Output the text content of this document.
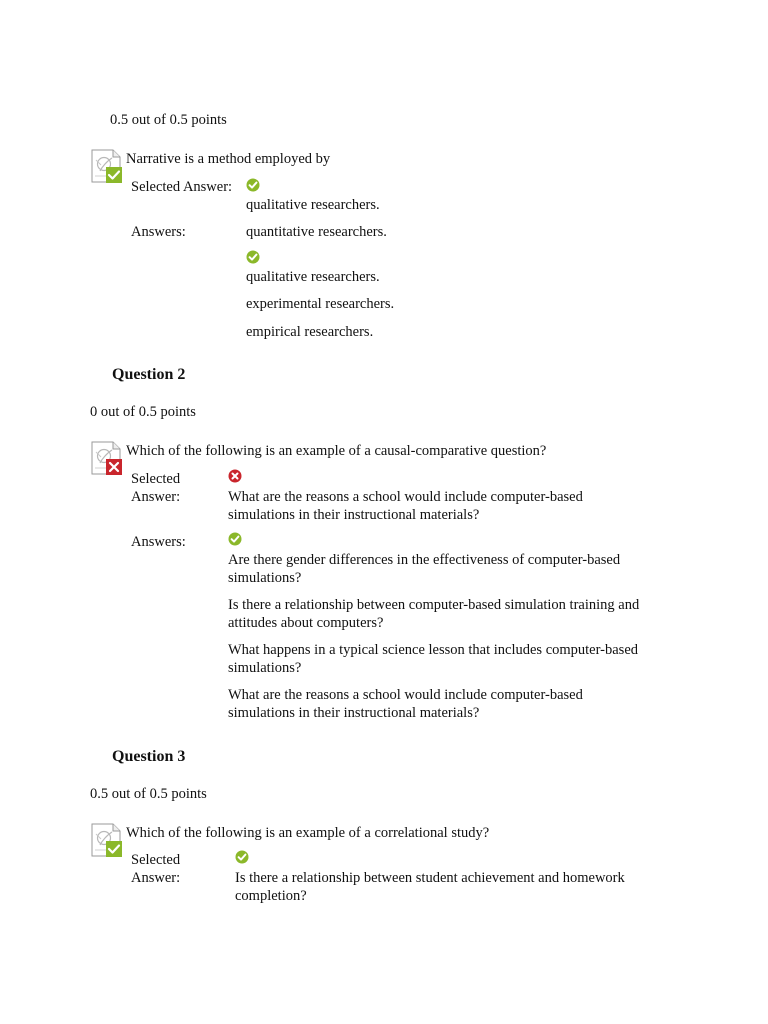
0.5 out of 0.5 points
Narrative is a method employed by
Selected Answer:
qualitative researchers.
Answers:	quantitative researchers.
qualitative researchers.
experimental researchers.
empirical researchers.
Question 2
0 out of 0.5 points
Which of the following is an example of a causal-comparative question?
Selected
Answer:	What are the reasons a school would include computer-based
simulations in their instructional materials?
Answers:
Are there gender differences in the effectiveness of computer-based
simulations?
Is there a relationship between computer-based simulation training and
attitudes about computers?
What happens in a typical science lesson that includes computer-based
simulations?
What are the reasons a school would include computer-based
simulations in their instructional materials?
Question 3
0.5 out of 0.5 points
Which of the following is an example of a correlational study?
Selected
Answer:	Is there a relationship between student achievement and homework
completion?
